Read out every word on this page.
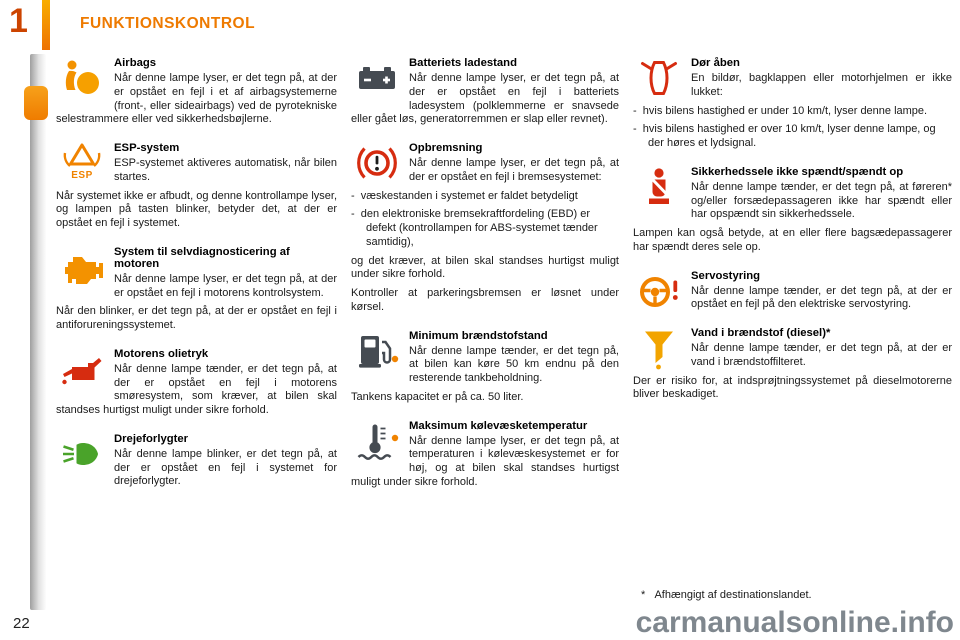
1	FUNKTIONSKONTROL
Airbags

Når denne lampe lyser, er det tegn på, at der er opstået en fejl i et af airbagsystemerne (front-, eller sideairbags) ved de pyrotekniske selestrammere eller ved sikkerhedsbøjlerne.

ESP
ESP-system

ESP-systemet aktiveres automatisk, når bilen startes.

Når systemet ikke er afbudt, og denne kontrollampe lyser, og lampen på tasten blinker, betyder det, at der er opstået en fejl i systemet.

System til selvdiagnosticering af motoren

Når denne lampe lyser, er det tegn på, at der er opstået en fejl i motorens kontrolsystem.

Når den blinker, er det tegn på, at der er opstået en fejl i antiforureningssystemet.

Motorens olietryk

Når denne lampe tænder, er det tegn på, at der er opstået en fejl i motorens smøresystem, som kræver, at bilen skal standses hurtigst muligt under sikre forhold.

Drejeforlygter

Når denne lampe blinker, er det tegn på, at der er opstået en fejl i systemet for drejeforlygter.

Batteriets ladestand

Når denne lampe lyser, er det tegn på, at der er opstået en fejl i batteriets ladesystem (polklemmerne er snavsede eller gået løs, generatorremmen er slap eller revnet).

Opbremsning

Når denne lampe lyser, er det tegn på, at der er opstået en fejl i bremsesystemet:

-  væskestanden i systemet er faldet betydeligt

-  den elektroniske bremsekraftfordeling (EBD) er defekt (kontrollampen for ABS-systemet tænder samtidig),

og det kræver, at bilen skal standses hurtigst muligt under sikre forhold.

Kontroller at parkeringsbremsen er løsnet under kørsel.

Minimum brændstofstand

Når denne lampe tænder, er det tegn på, at bilen kan køre 50 km endnu på den resterende tankbeholdning.

Tankens kapacitet er på ca. 50 liter.

Maksimum kølevæsketemperatur

Når denne lampe lyser, er det tegn på, at temperaturen i kølevæskesystemet er for høj, og at bilen skal standses hurtigst muligt under sikre forhold.

Dør åben

En bildør, bagklappen eller motorhjelmen er ikke lukket:

-  hvis bilens hastighed er under 10 km/t, lyser denne lampe.

-  hvis bilens hastighed er over 10 km/t, lyser denne lampe, og der høres et lydsignal.

Sikkerhedssele ikke spændt/spændt op

Når denne lampe tænder, er det tegn på, at føreren* og/eller forsædepassageren ikke har spændt eller har opspændt sin sikkerhedssele.

Lampen kan også betyde, at en eller flere bagsædepassagerer har spændt deres sele op.

Servostyring

Når denne lampe tænder, er det tegn på, at der er opstået en fejl på den elektriske servostyring.

Vand i brændstof (diesel)*

Når denne lampe tænder, er det tegn på, at der er vand i brændstoffilteret.

Der er risiko for, at indsprøjtningssystemet på dieselmotorerne bliver beskadiget.

*   Afhængigt af destinationslandet.

22	carmanualsonline.info
